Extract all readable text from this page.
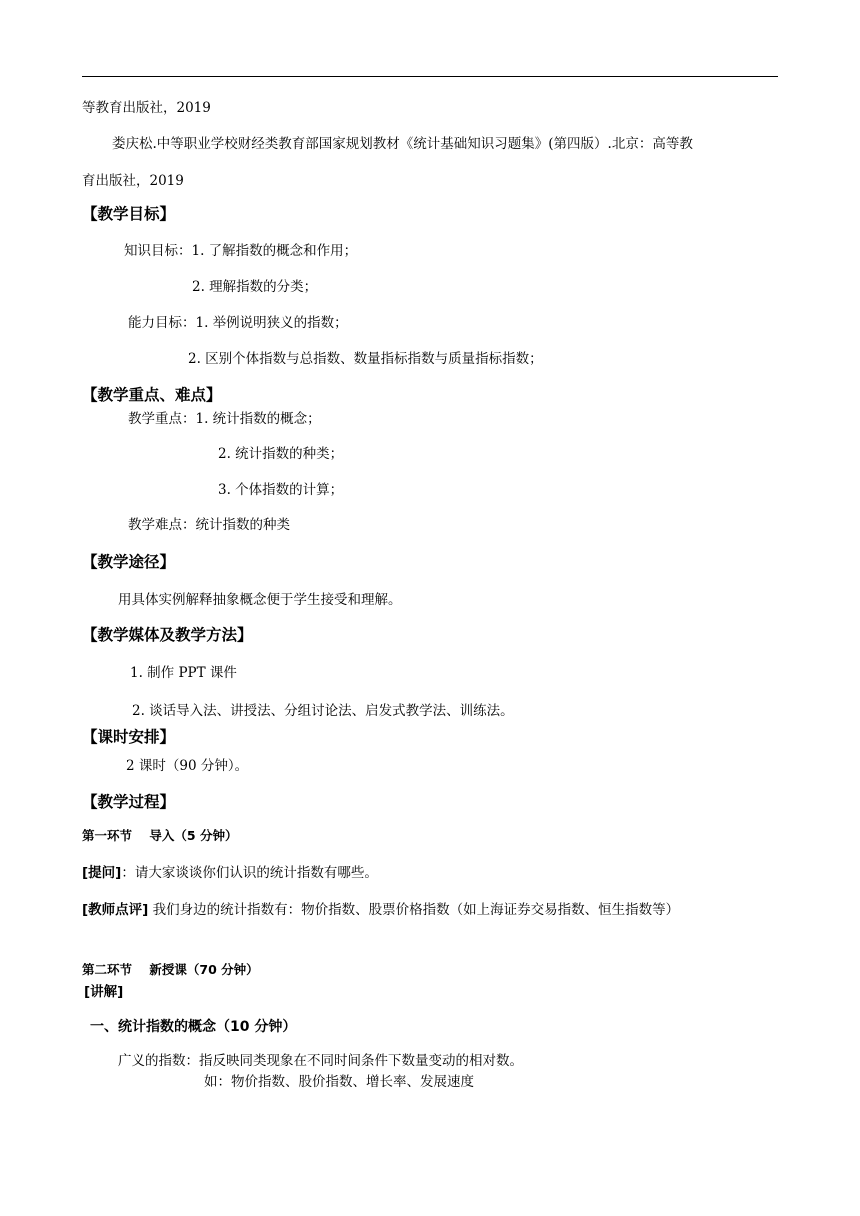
等教育出版社，2019
娄庆松.中等职业学校财经类教育部国家规划教材《统计基础知识习题集》(第四版）.北京：高等教
育出版社，2019
【教学目标】
知识目标：1. 了解指数的概念和作用；
2. 理解指数的分类；
能力目标：1. 举例说明狭义的指数；
2. 区别个体指数与总指数、数量指标指数与质量指标指数；
【教学重点、难点】
教学重点：1. 统计指数的概念；
2. 统计指数的种类；
3. 个体指数的计算；
教学难点：统计指数的种类
【教学途径】
用具体实例解释抽象概念便于学生接受和理解。
【教学媒体及教学方法】
1. 制作 PPT 课件
2. 谈话导入法、讲授法、分组讨论法、启发式教学法、训练法。
【课时安排】
2 课时（90 分钟）。
【教学过程】
第一环节    导入（5 分钟）
[提问]：请大家谈谈你们认识的统计指数有哪些。
[教师点评] 我们身边的统计指数有：物价指数、股票价格指数（如上海证券交易指数、恒生指数等）
第二环节    新授课（70 分钟）
[讲解]
一、统计指数的概念（10 分钟）
广义的指数：指反映同类现象在不同时间条件下数量变动的相对数。
如：物价指数、股价指数、增长率、发展速度
